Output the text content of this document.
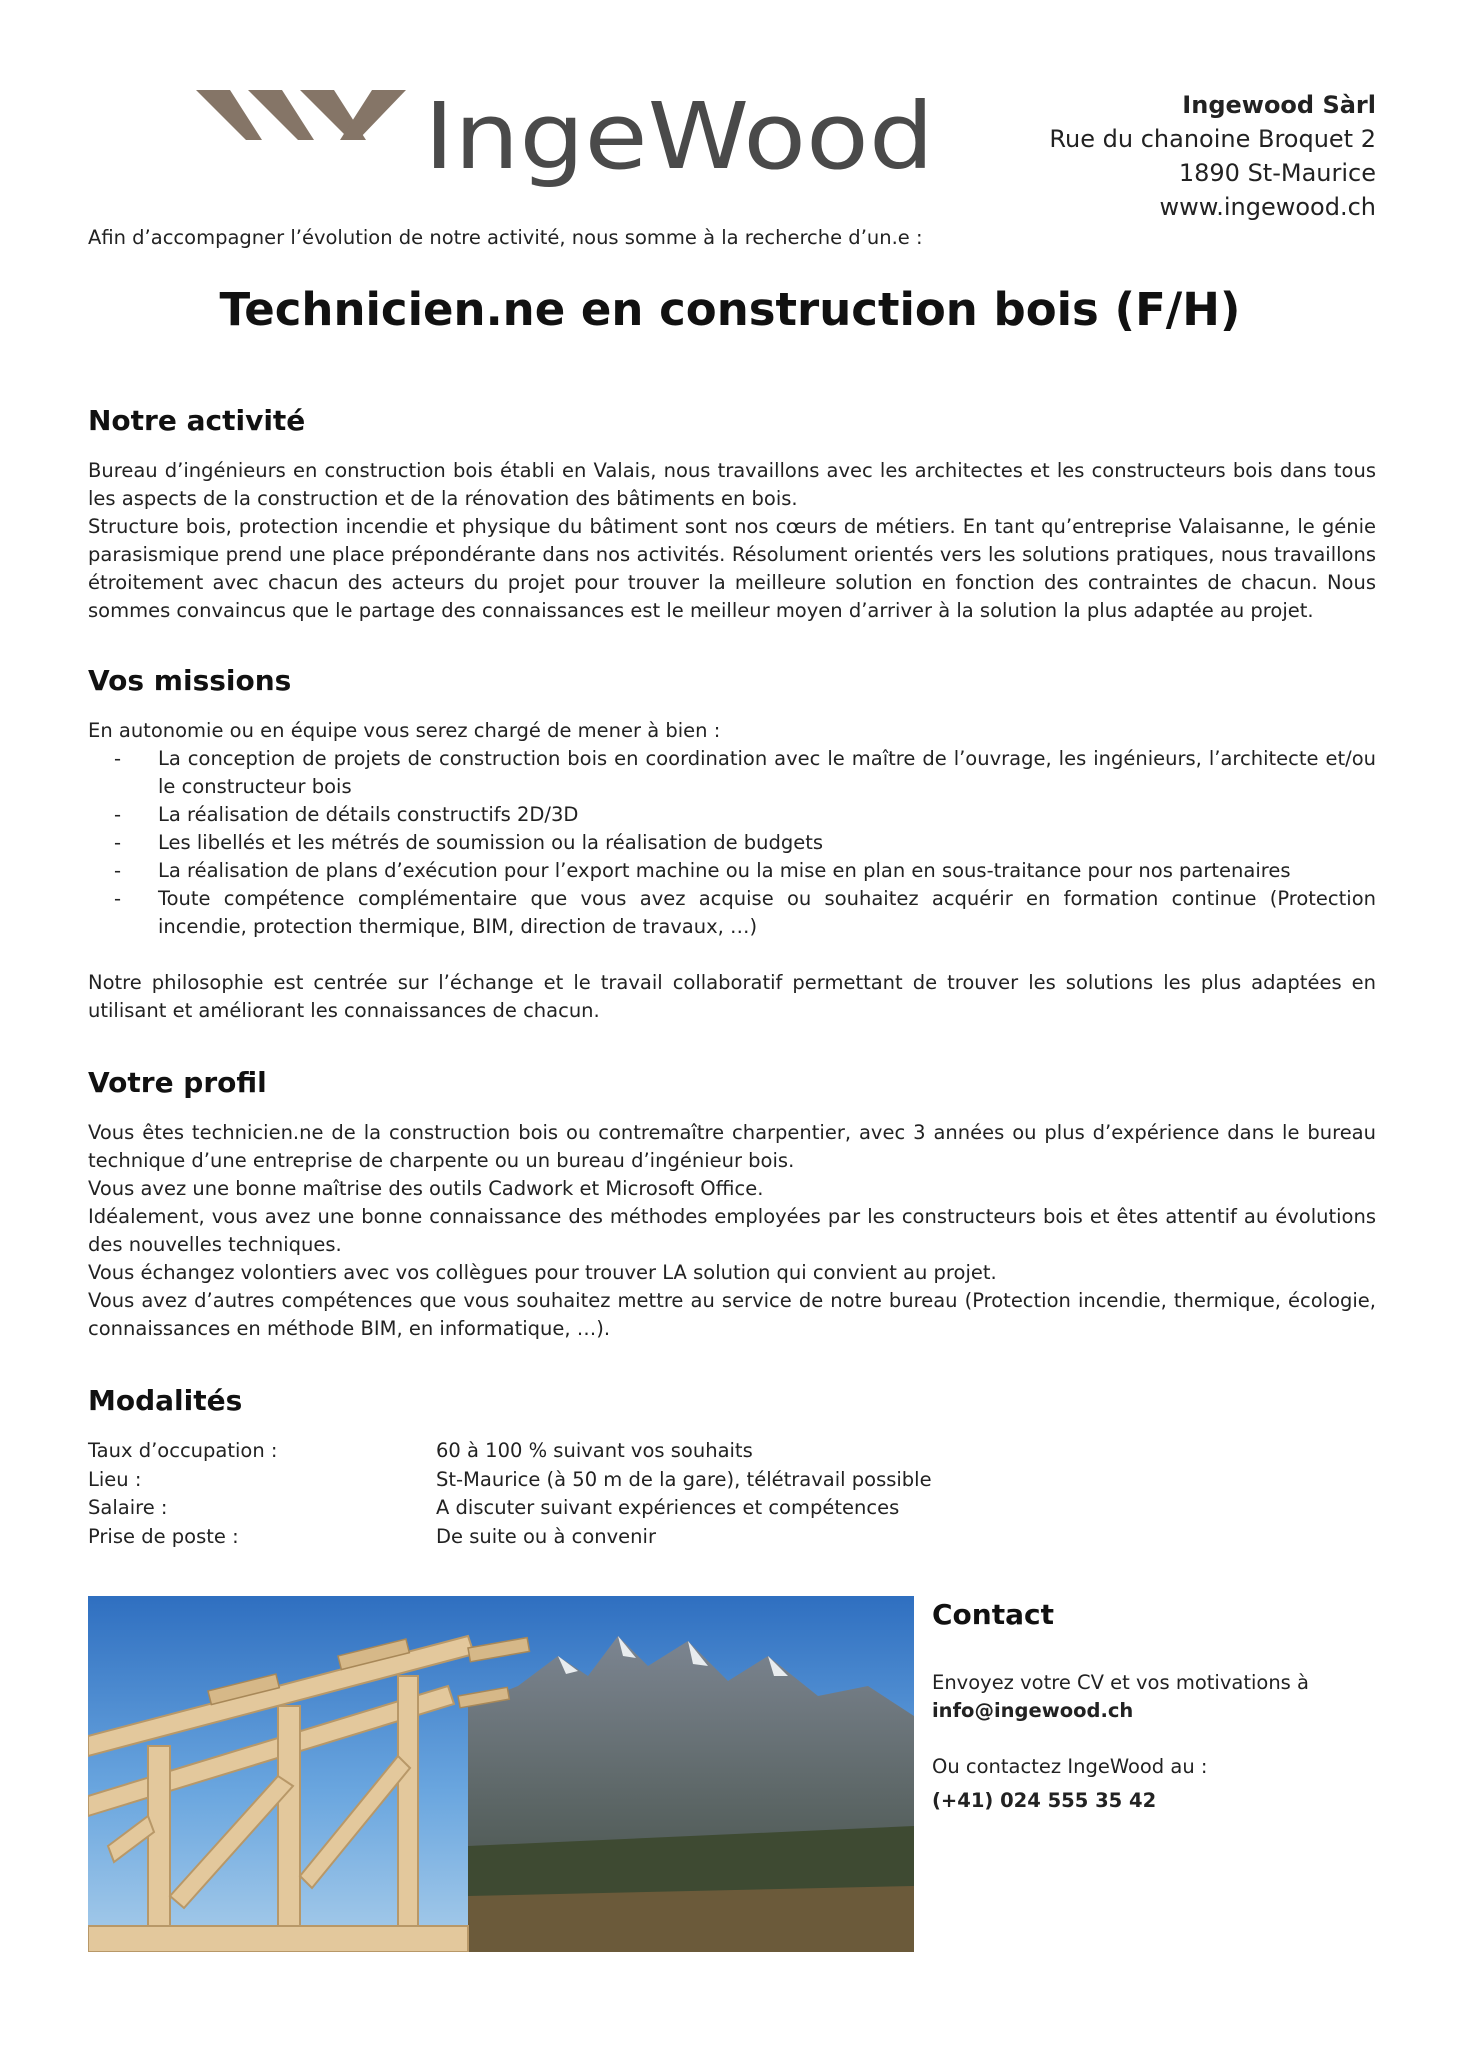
IngeWood	Ingewood Sàrl
Rue du chanoine Broquet 2
1890 St-Maurice
www.ingewood.ch
Afin d’accompagner l’évolution de notre activité, nous somme à la recherche d’un.e :
Technicien.ne en construction bois (F/H)
Notre activité

Bureau d’ingénieurs en construction bois établi en Valais, nous travaillons avec les architectes et les constructeurs bois dans tous les aspects de la construction et de la rénovation des bâtiments en bois.

Structure bois, protection incendie et physique du bâtiment sont nos cœurs de métiers. En tant qu’entreprise Valaisanne, le génie parasismique prend une place prépondérante dans nos activités. Résolument orientés vers les solutions pratiques, nous travaillons étroitement avec chacun des acteurs du projet pour trouver la meilleure solution en fonction des contraintes de chacun. Nous sommes convaincus que le partage des connaissances est le meilleur moyen d’arriver à la solution la plus adaptée au projet.

Vos missions

En autonomie ou en équipe vous serez chargé de mener à bien :

- La conception de projets de construction bois en coordination avec le maître de l’ouvrage, les ingénieurs, l’architecte et/ou le constructeur bois
- La réalisation de détails constructifs 2D/3D
- Les libellés et les métrés de soumission ou la réalisation de budgets
- La réalisation de plans d’exécution pour l’export machine ou la mise en plan en sous-traitance pour nos partenaires
- Toute compétence complémentaire que vous avez acquise ou souhaitez acquérir en formation continue (Protection incendie, protection thermique, BIM, direction de travaux, …)

Notre philosophie est centrée sur l’échange et le travail collaboratif permettant de trouver les solutions les plus adaptées en utilisant et améliorant les connaissances de chacun.

Votre profil

Vous êtes technicien.ne de la construction bois ou contremaître charpentier, avec 3 années ou plus d’expérience dans le bureau technique d’une entreprise de charpente ou un bureau d’ingénieur bois.

Vous avez une bonne maîtrise des outils Cadwork et Microsoft Office.

Idéalement, vous avez une bonne connaissance des méthodes employées par les constructeurs bois et êtes attentif au évolutions des nouvelles techniques.

Vous échangez volontiers avec vos collègues pour trouver LA solution qui convient au projet.

Vous avez d’autres compétences que vous souhaitez mettre au service de notre bureau (Protection incendie, thermique, écologie, connaissances en méthode BIM, en informatique, …).

Modalités
Taux d’occupation :	60 à 100 % suivant vos souhaits
Lieu :	St-Maurice (à 50 m de la gare), télétravail possible
Salaire :	A discuter suivant expériences et compétences
Prise de poste :	De suite ou à convenir
Contact

Envoyez votre CV et vos motivations à
info@ingewood.ch

Ou contactez IngeWood au :

(+41) 024 555 35 42
